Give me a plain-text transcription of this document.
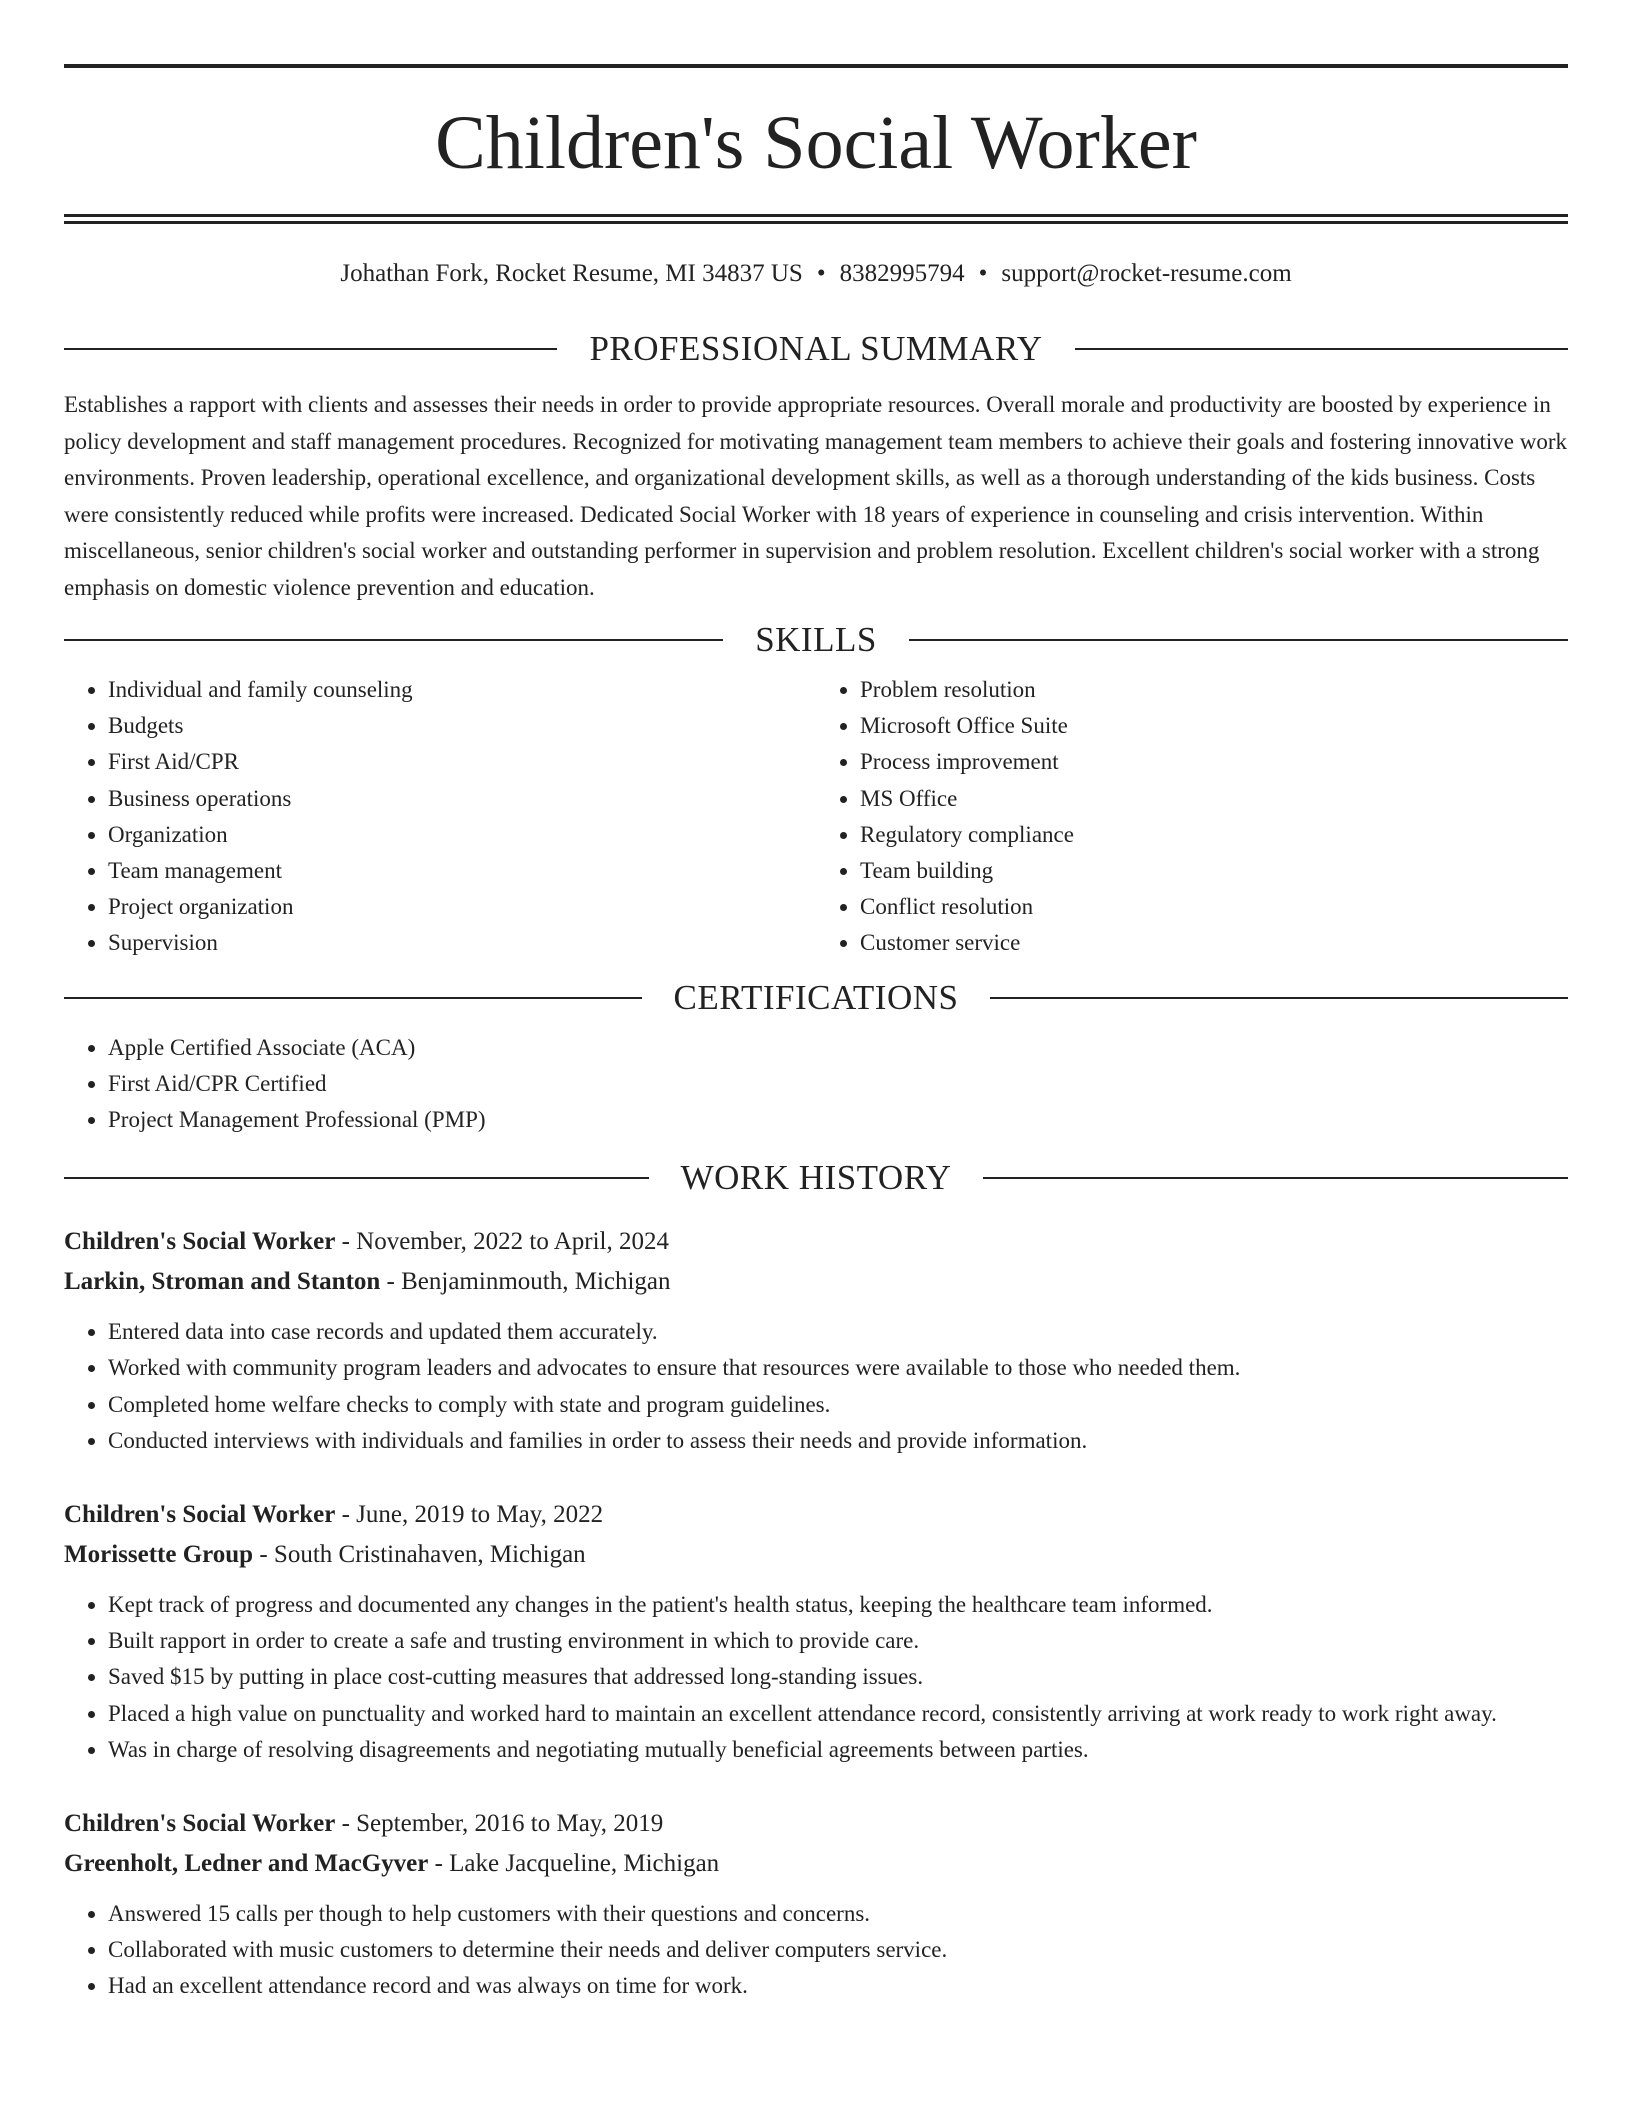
Children's Social Worker
Johathan Fork, Rocket Resume, MI 34837 US • 8382995794 • support@rocket-resume.com
PROFESSIONAL SUMMARY
Establishes a rapport with clients and assesses their needs in order to provide appropriate resources. Overall morale and productivity are boosted by experience in policy development and staff management procedures. Recognized for motivating management team members to achieve their goals and fostering innovative work environments. Proven leadership, operational excellence, and organizational development skills, as well as a thorough understanding of the kids business. Costs were consistently reduced while profits were increased. Dedicated Social Worker with 18 years of experience in counseling and crisis intervention. Within miscellaneous, senior children's social worker and outstanding performer in supervision and problem resolution. Excellent children's social worker with a strong emphasis on domestic violence prevention and education.
SKILLS
• Individual and family counseling
• Budgets
• First Aid/CPR
• Business operations
• Organization
• Team management
• Project organization
• Supervision
• Problem resolution
• Microsoft Office Suite
• Process improvement
• MS Office
• Regulatory compliance
• Team building
• Conflict resolution
• Customer service
CERTIFICATIONS
• Apple Certified Associate (ACA)
• First Aid/CPR Certified
• Project Management Professional (PMP)
WORK HISTORY
Children's Social Worker - November, 2022 to April, 2024
Larkin, Stroman and Stanton - Benjaminmouth, Michigan
• Entered data into case records and updated them accurately.
• Worked with community program leaders and advocates to ensure that resources were available to those who needed them.
• Completed home welfare checks to comply with state and program guidelines.
• Conducted interviews with individuals and families in order to assess their needs and provide information.
Children's Social Worker - June, 2019 to May, 2022
Morissette Group - South Cristinahaven, Michigan
• Kept track of progress and documented any changes in the patient's health status, keeping the healthcare team informed.
• Built rapport in order to create a safe and trusting environment in which to provide care.
• Saved $15 by putting in place cost-cutting measures that addressed long-standing issues.
• Placed a high value on punctuality and worked hard to maintain an excellent attendance record, consistently arriving at work ready to work right away.
• Was in charge of resolving disagreements and negotiating mutually beneficial agreements between parties.
Children's Social Worker - September, 2016 to May, 2019
Greenholt, Ledner and MacGyver - Lake Jacqueline, Michigan
• Answered 15 calls per though to help customers with their questions and concerns.
• Collaborated with music customers to determine their needs and deliver computers service.
• Had an excellent attendance record and was always on time for work.
